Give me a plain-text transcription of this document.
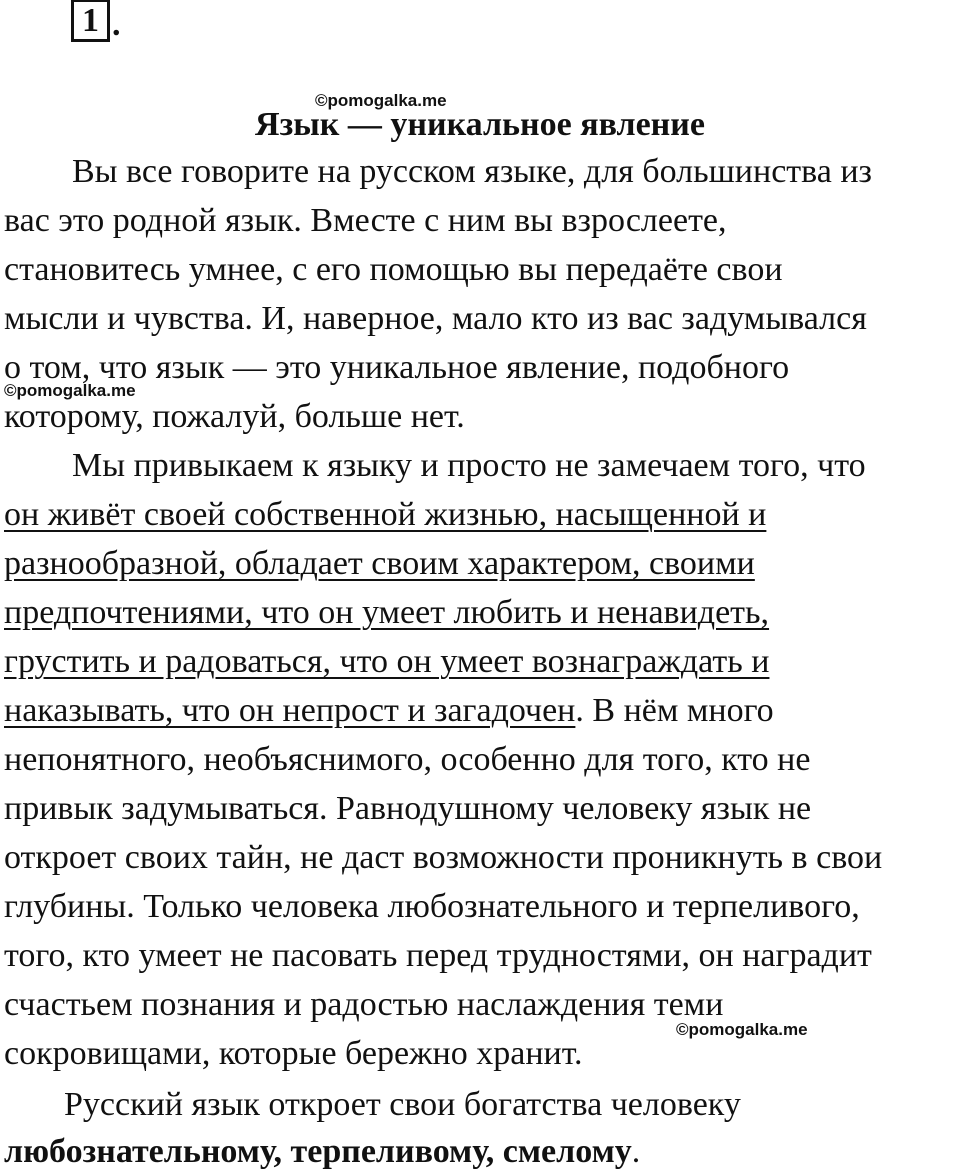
1 .
©pomogalka.me
Язык — уникальное явление
Вы все говорите на русском языке, для большинства из
вас это родной язык. Вместе с ним вы взрослеете,
становитесь умнее, с его помощью вы передаёте свои
мысли и чувства. И, наверное, мало кто из вас задумывался
о том, что язык — это уникальное явление, подобного
которому, пожалуй, больше нет.
©pomogalka.me
Мы привыкаем к языку и просто не замечаем того, что
он живёт своей собственной жизнью, насыщенной и
разнообразной, обладает своим характером, своими
предпочтениями, что он умеет любить и ненавидеть,
грустить и радоваться, что он умеет вознаграждать и
наказывать, что он непрост и загадочен. В нём много
непонятного, необъяснимого, особенно для того, кто не
привык задумываться. Равнодушному человеку язык не
откроет своих тайн, не даст возможности проникнуть в свои
глубины. Только человека любознательного и терпеливого,
того, кто умеет не пасовать перед трудностями, он наградит
счастьем познания и радостью наслаждения теми
©pomogalka.me
сокровищами, которые бережно хранит.
Русский язык откроет свои богатства человеку
любознательному, терпеливому, смелому.
